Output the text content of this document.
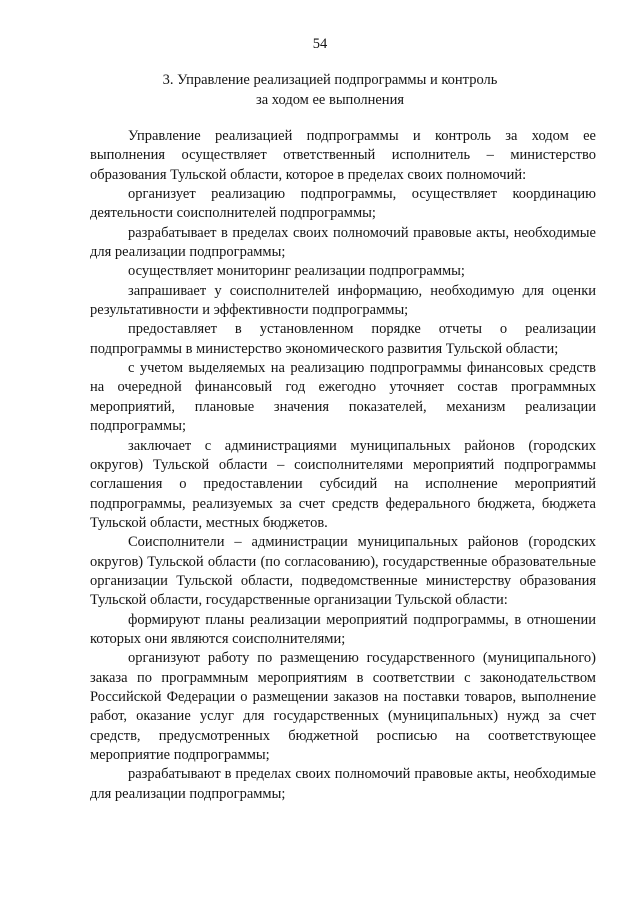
54
3. Управление реализацией подпрограммы и контроль
за ходом ее выполнения

Управление реализацией подпрограммы и контроль за ходом ее выполнения осуществляет ответственный исполнитель – министерство образования Тульской области, которое в пределах своих полномочий:

организует реализацию подпрограммы, осуществляет координацию деятельности соисполнителей подпрограммы;

разрабатывает в пределах своих полномочий правовые акты, необходимые для реализации подпрограммы;

осуществляет мониторинг реализации подпрограммы;

запрашивает у соисполнителей информацию, необходимую для оценки результативности и эффективности подпрограммы;

предоставляет в установленном порядке отчеты о реализации подпрограммы в министерство экономического развития Тульской области;

с учетом выделяемых на реализацию подпрограммы финансовых средств на очередной финансовый год ежегодно уточняет состав программных мероприятий, плановые значения показателей, механизм реализации подпрограммы;

заключает с администрациями муниципальных районов (городских округов) Тульской области – соисполнителями мероприятий подпрограммы соглашения о предоставлении субсидий на исполнение мероприятий подпрограммы, реализуемых за счет средств федерального бюджета, бюджета Тульской области, местных бюджетов.

Соисполнители – администрации муниципальных районов (городских округов) Тульской области (по согласованию), государственные образовательные организации Тульской области, подведомственные министерству образования Тульской области, государственные организации Тульской области:

формируют планы реализации мероприятий подпрограммы, в отношении которых они являются соисполнителями;

организуют работу по размещению государственного (муниципального) заказа по программным мероприятиям в соответствии с законодательством Российской Федерации о размещении заказов на поставки товаров, выполнение работ, оказание услуг для государственных (муниципальных) нужд за счет средств, предусмотренных бюджетной росписью на соответствующее мероприятие подпрограммы;

разрабатывают в пределах своих полномочий правовые акты, необходимые для реализации подпрограммы;
